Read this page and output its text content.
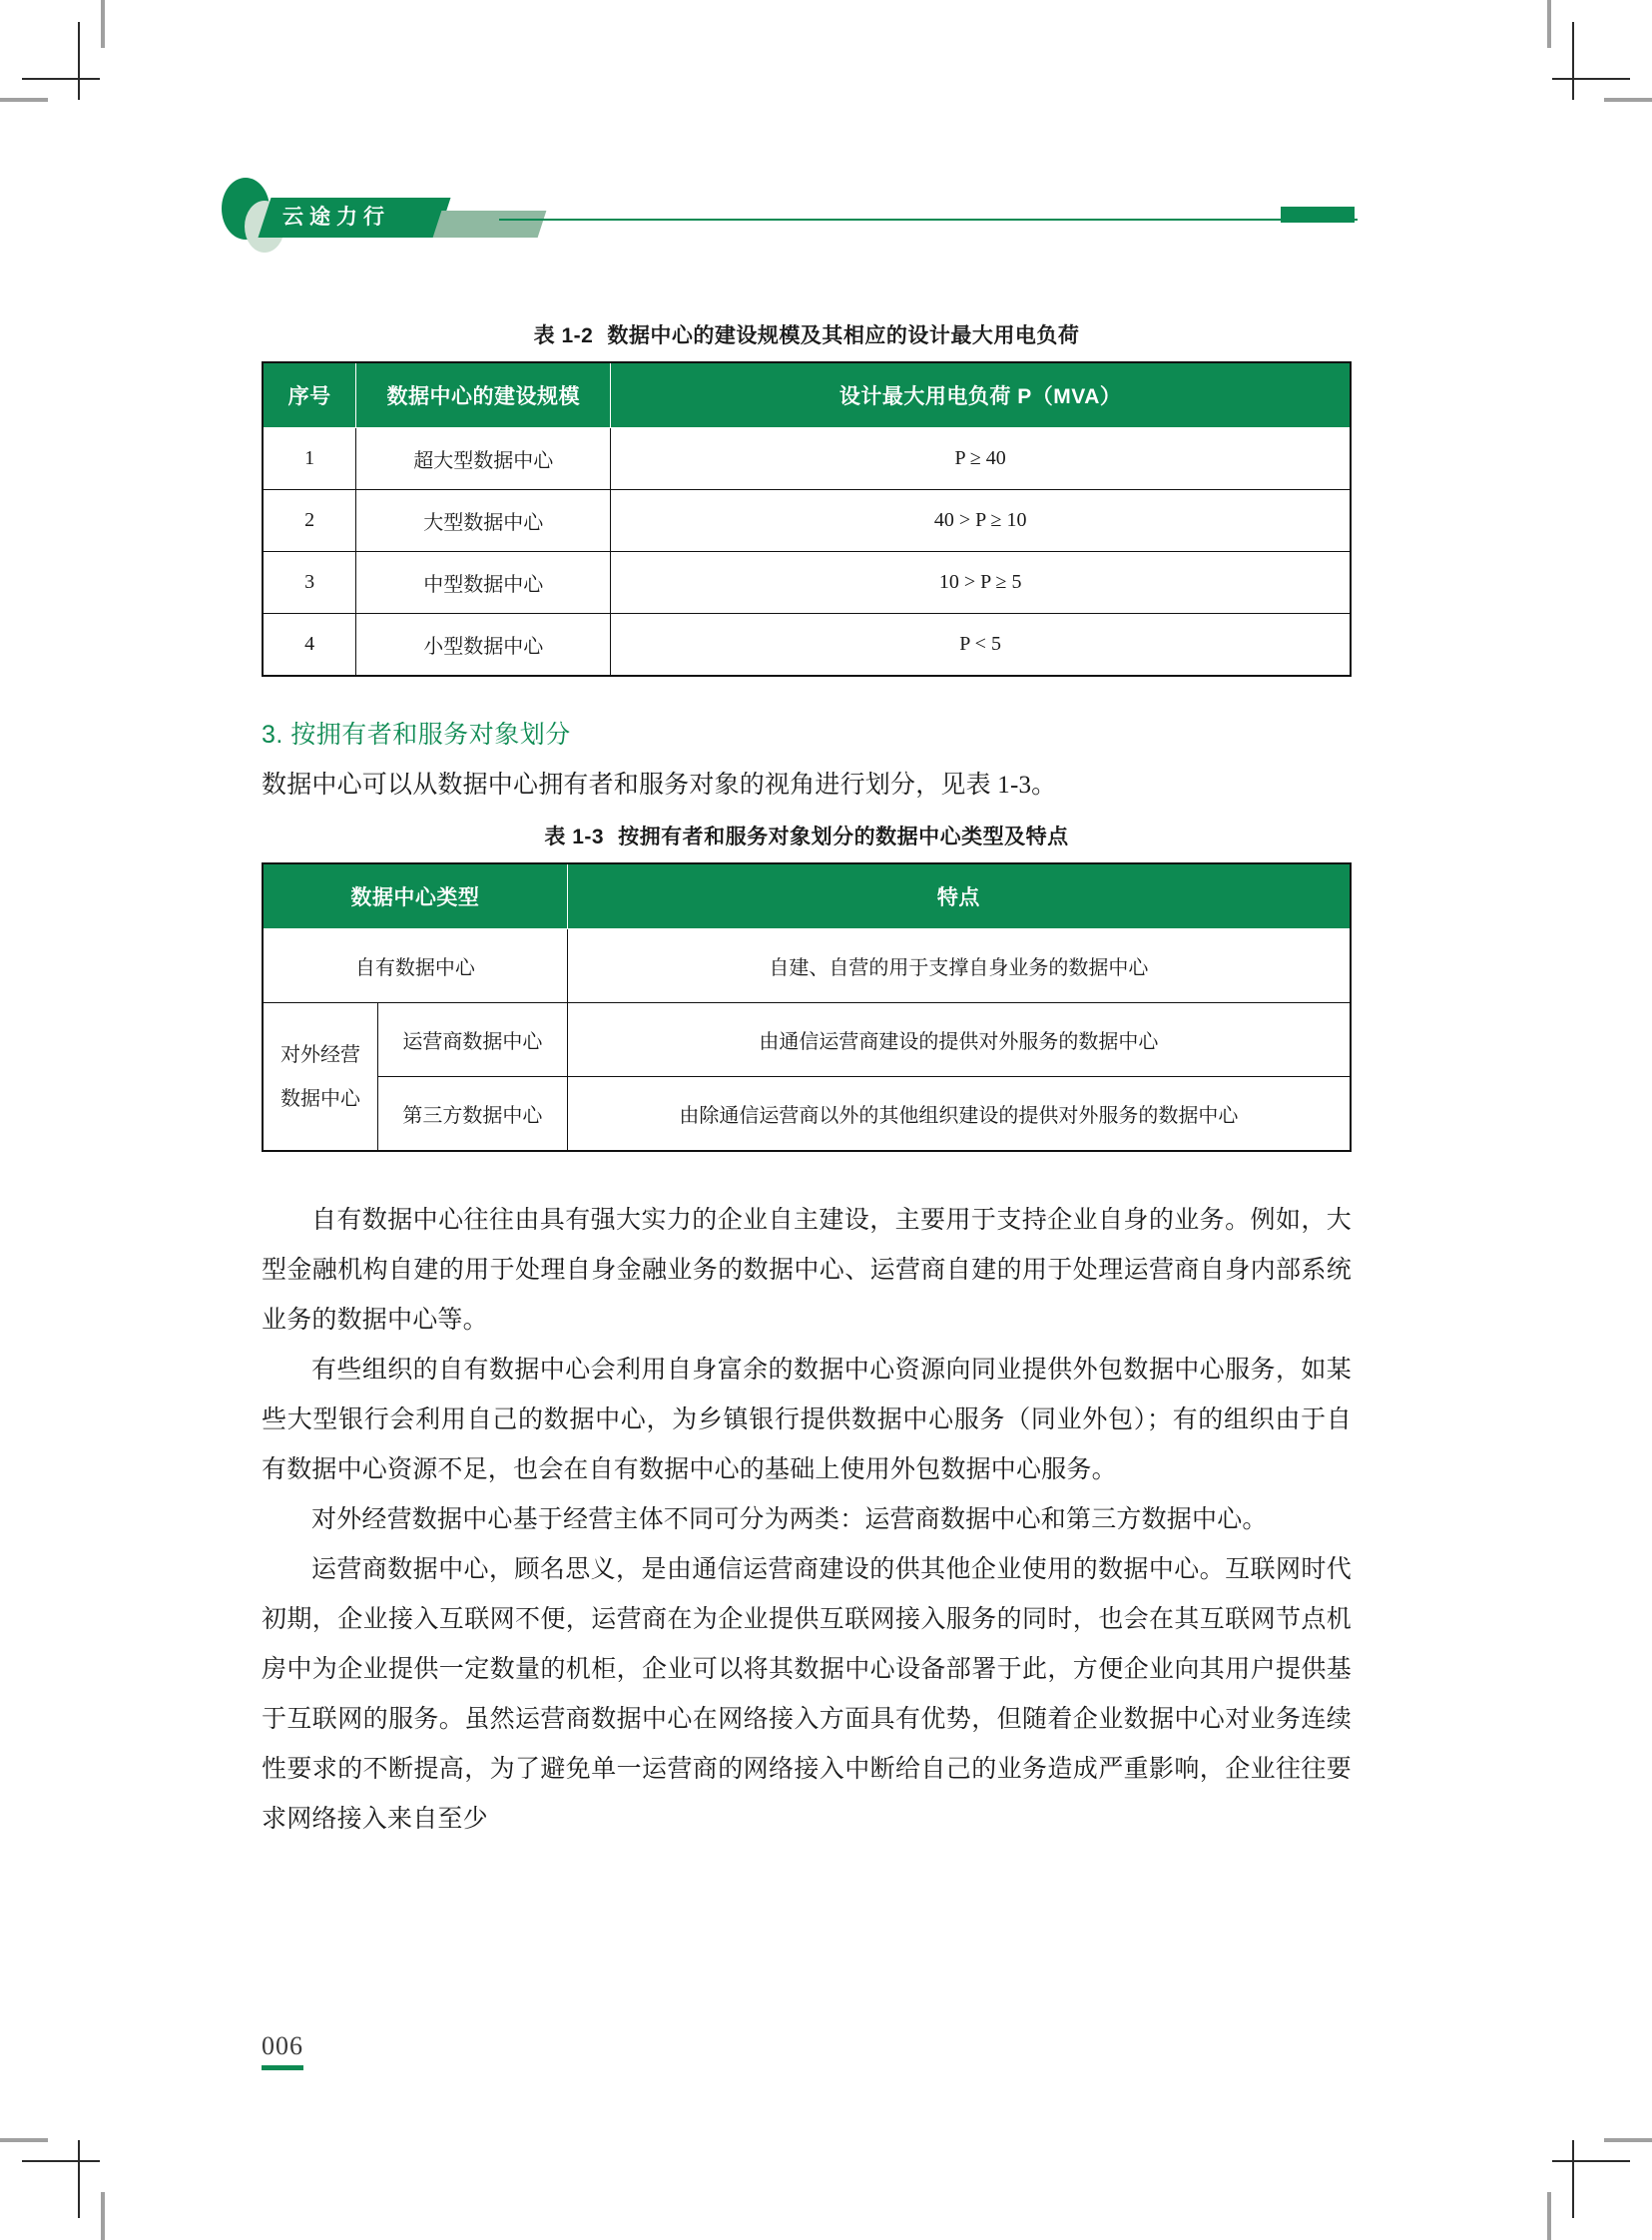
云途力行
表 1-2 数据中心的建设规模及其相应的设计最大用电负荷
序号	数据中心的建设规模	设计最大用电负荷 P（MVA）
1	超大型数据中心	P ≥ 40
2	大型数据中心	40 > P ≥ 10
3	中型数据中心	10 > P ≥ 5
4	小型数据中心	P < 5
3. 按拥有者和服务对象划分

数据中心可以从数据中心拥有者和服务对象的视角进行划分，见表 1-3。

表 1-3 按拥有者和服务对象划分的数据中心类型及特点
数据中心类型		特点
自有数据中心		自建、自营的用于支撑自身业务的数据中心

对外经营
数据中心	运营商数据中心	由通信运营商建设的提供对外服务的数据中心
	第三方数据中心	由除通信运营商以外的其他组织建设的提供对外服务的数据中心

自有数据中心往往由具有强大实力的企业自主建设，主要用于支持企业自身的业务。例如，大型金融机构自建的用于处理自身金融业务的数据中心、运营商自建的用于处理运营商自身内部系统业务的数据中心等。

有些组织的自有数据中心会利用自身富余的数据中心资源向同业提供外包数据中心服务，如某些大型银行会利用自己的数据中心，为乡镇银行提供数据中心服务（同业外包）；有的组织由于自有数据中心资源不足，也会在自有数据中心的基础上使用外包数据中心服务。

对外经营数据中心基于经营主体不同可分为两类：运营商数据中心和第三方数据中心。

运营商数据中心，顾名思义，是由通信运营商建设的供其他企业使用的数据中心。互联网时代初期，企业接入互联网不便，运营商在为企业提供互联网接入服务的同时，也会在其互联网节点机房中为企业提供一定数量的机柜，企业可以将其数据中心设备部署于此，方便企业向其用户提供基于互联网的服务。虽然运营商数据中心在网络接入方面具有优势，但随着企业数据中心对业务连续性要求的不断提高，为了避免单一运营商的网络接入中断给自己的业务造成严重影响，企业往往要求网络接入来自至少

006
